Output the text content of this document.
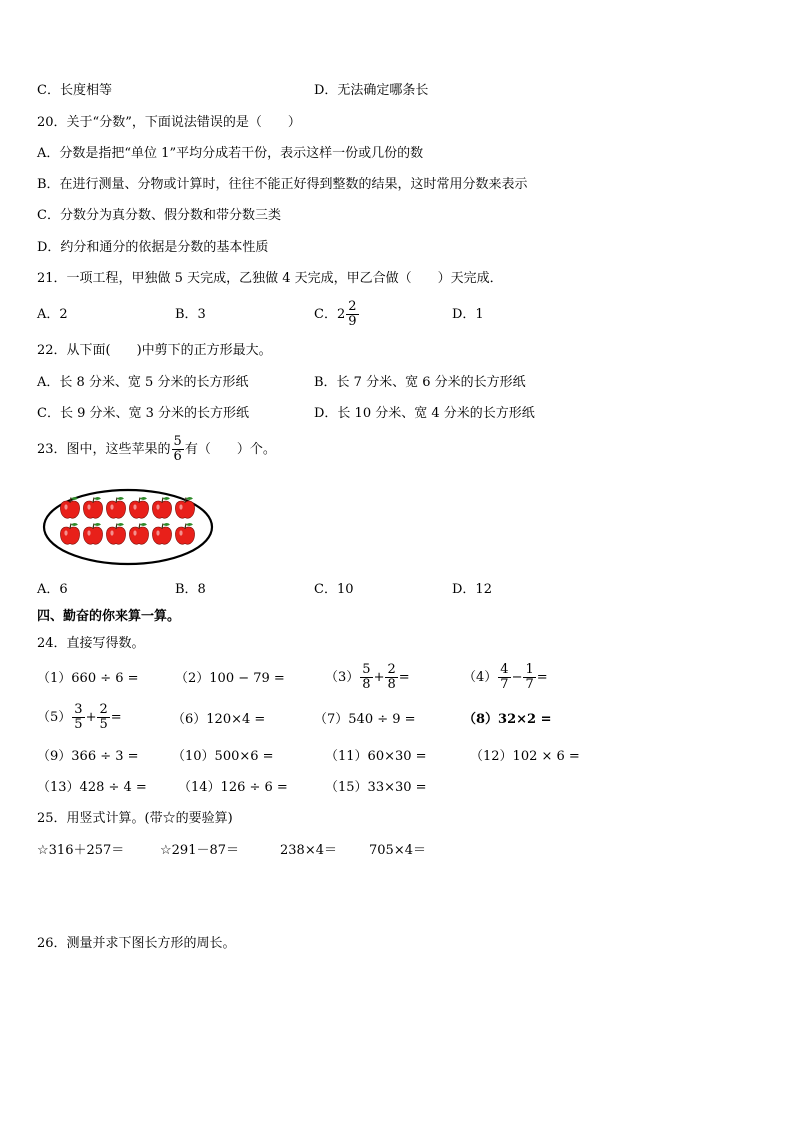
C．长度相等	D．无法确定哪条长
20．关于“分数”，下面说法错误的是（　　）
A．分数是指把“单位 1”平均分成若干份，表示这样一份或几份的数
B．在进行测量、分物或计算时，往往不能正好得到整数的结果，这时常用分数来表示
C．分数分为真分数、假分数和带分数三类
D．约分和通分的依据是分数的基本性质
21．一项工程，甲独做 5 天完成，乙独做 4 天完成，甲乙合做（　　）天完成．
A．2	B．3	C．$2 \frac{2}{9}$	D．1
22．从下面(　　)中剪下的正方形最大。
A．长 8 分米、宽 5 分米的长方形纸	B．长 7 分米、宽 6 分米的长方形纸
C．长 9 分米、宽 3 分米的长方形纸	D．长 10 分米、宽 4 分米的长方形纸
23．图中，这些苹果的 $\frac{5}{6}$ 有（　　）个。
A．6	B．8	C．10	D．12
四、勤奋的你来算一算。
24．直接写得数。
（1）660 ÷ 6 =	（2）100 − 79 =	$(3) \frac{5}{8} + \frac{2}{8}$ =	$(4) \frac{4}{7} - \frac{1}{7}$ =
$(5) \frac{3}{5} + \frac{2}{5}$ =	（6）120×4 =	（7）540 ÷ 9 =	（8）32×2 =
（9）366 ÷ 3 =	（10）500×6 =	（11）60×30 =	（12）102 × 6 =
（13）428 ÷ 4 = （14）126 ÷ 6 =	（15）33×30 =
25．用竖式计算。(带☆的要验算)
☆316＋257＝	☆291－87＝	238×4＝ 705×4＝
26．测量并求下图长方形的周长。
